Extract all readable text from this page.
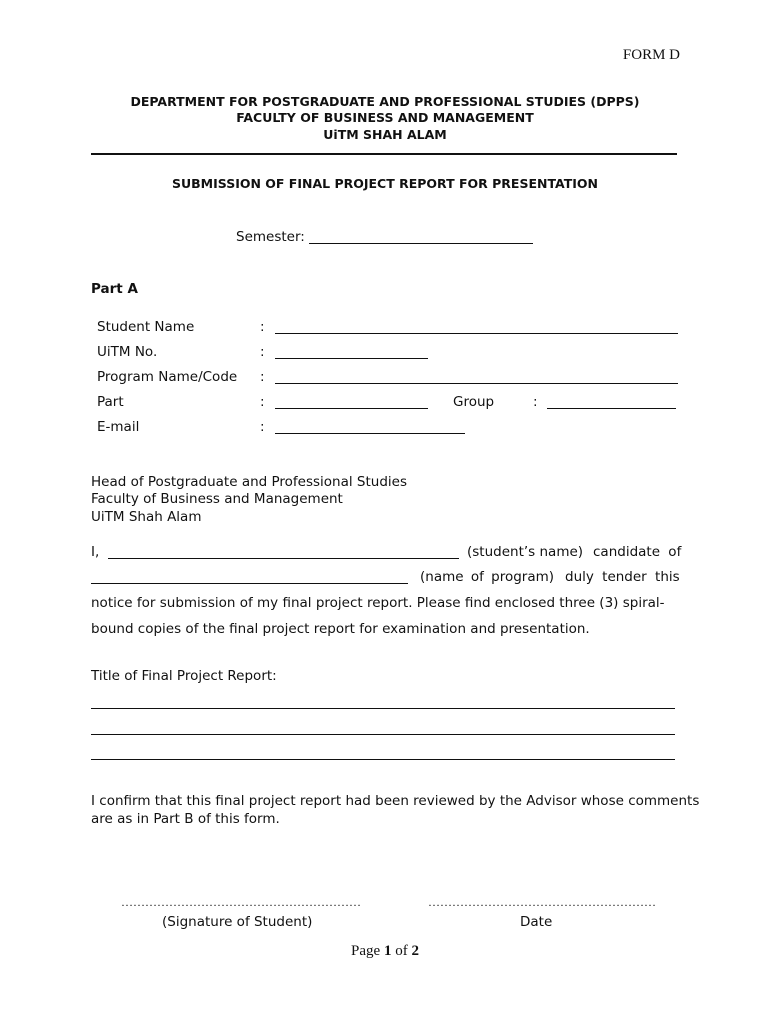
FORM D
DEPARTMENT FOR POSTGRADUATE AND PROFESSIONAL STUDIES (DPPS)
FACULTY OF BUSINESS AND MANAGEMENT
UiTM SHAH ALAM
SUBMISSION OF FINAL PROJECT REPORT FOR PRESENTATION
Semester:
Part A
Student Name	:
UiTM No.	:
Program Name/Code :
Part	:	Group	:
E-mail	:
Head of Postgraduate and Professional Studies
Faculty of Business and Management
UiTM Shah Alam
I,	(student’s name) candidate of
(name of program) duly tender this
notice for submission of my final project report. Please find enclosed three (3) spiral-
bound copies of the final project report for examination and presentation.
Title of Final Project Report:
I confirm that this final project report had been reviewed by the Advisor whose comments
are as in Part B of this form.
……………………………………………………	…………………………………………………
(Signature of Student)	Date
Page 1 of 2
